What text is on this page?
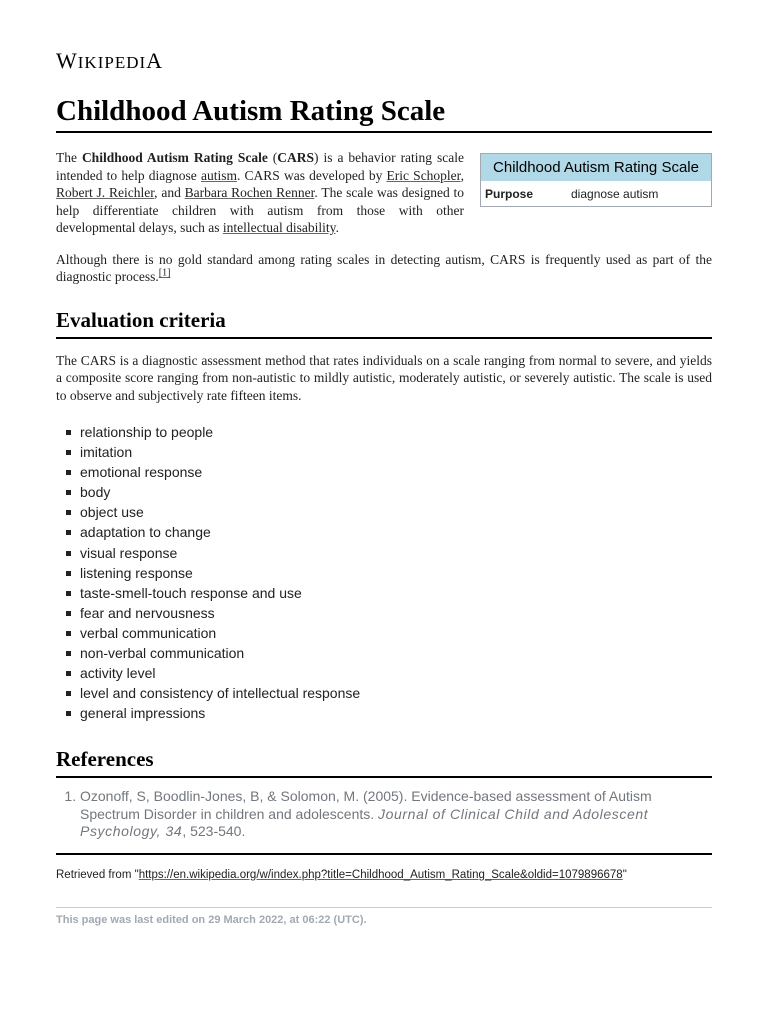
WIKIPEDIA
Childhood Autism Rating Scale
Childhood Autism Rating Scale
Purpose	diagnose autism

The Childhood Autism Rating Scale (CARS) is a behavior rating scale intended to help diagnose autism. CARS was developed by Eric Schopler, Robert J. Reichler, and Barbara Rochen Renner. The scale was designed to help differentiate children with autism from those with other developmental delays, such as intellectual disability.

Although there is no gold standard among rating scales in detecting autism, CARS is frequently used as part of the diagnostic process.[1]

Evaluation criteria

The CARS is a diagnostic assessment method that rates individuals on a scale ranging from normal to severe, and yields a composite score ranging from non-autistic to mildly autistic, moderately autistic, or severely autistic. The scale is used to observe and subjectively rate fifteen items.

relationship to people
imitation
emotional response
body
object use
adaptation to change
visual response
listening response
taste-smell-touch response and use
fear and nervousness
verbal communication
non-verbal communication
activity level
level and consistency of intellectual response
general impressions
References
1. Ozonoff, S, Boodlin-Jones, B, & Solomon, M. (2005). Evidence-based assessment of Autism Spectrum Disorder in children and adolescents. Journal of Clinical Child and Adolescent Psychology, 34, 523-540.
Retrieved from "https://en.wikipedia.org/w/index.php?title=Childhood_Autism_Rating_Scale&oldid=1079896678"
This page was last edited on 29 March 2022, at 06:22 (UTC).
